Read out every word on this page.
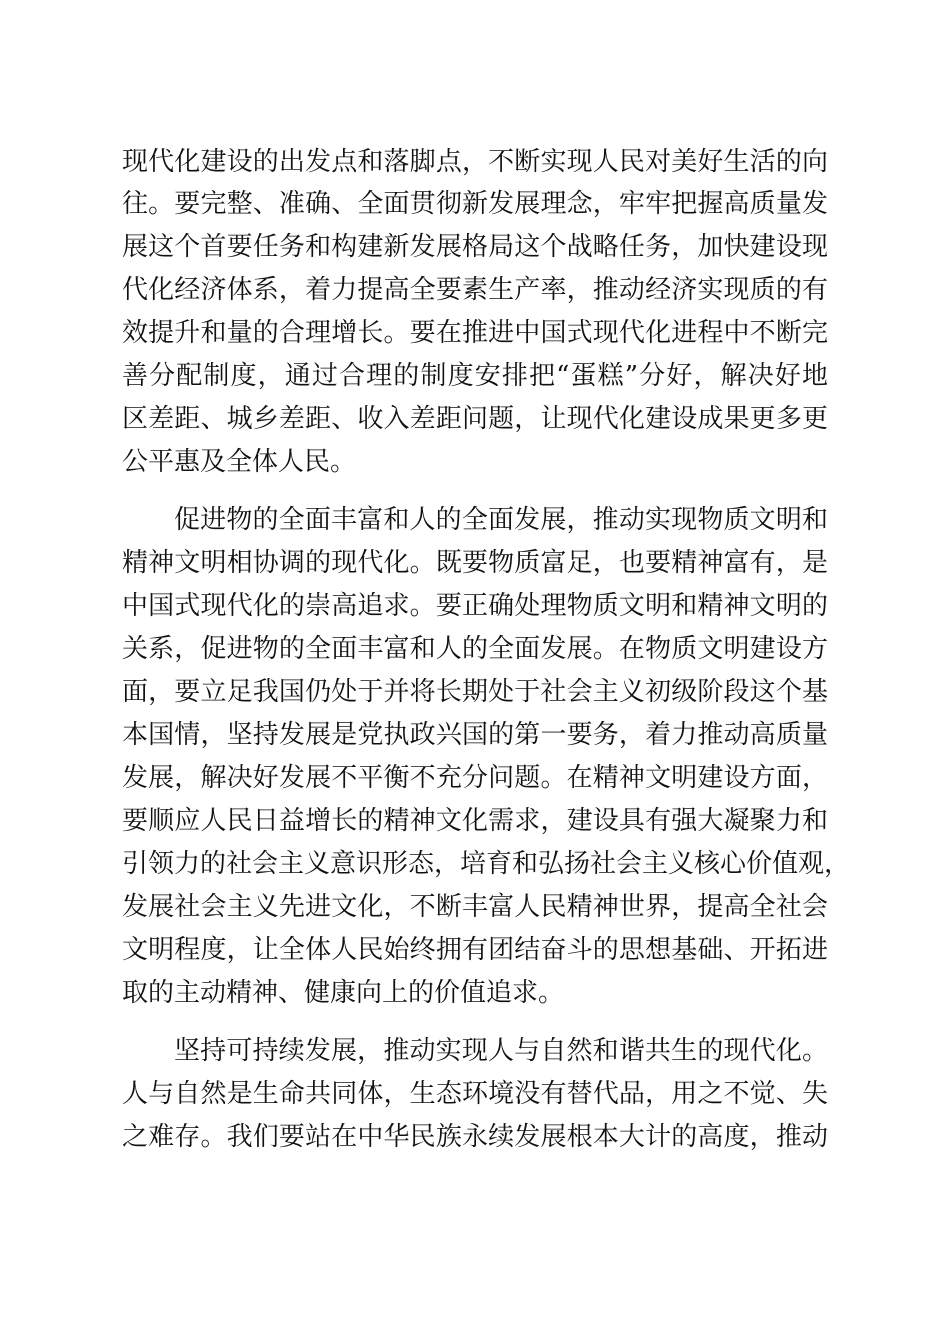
现代化建设的出发点和落脚点，不断实现人民对美好生活的向
往。要完整、准确、全面贯彻新发展理念，牢牢把握高质量发
展这个首要任务和构建新发展格局这个战略任务，加快建设现
代化经济体系，着力提高全要素生产率，推动经济实现质的有
效提升和量的合理增长。要在推进中国式现代化进程中不断完
善分配制度，通过合理的制度安排把“蛋糕”分好，解决好地
区差距、城乡差距、收入差距问题，让现代化建设成果更多更
公平惠及全体人民。
促进物的全面丰富和人的全面发展，推动实现物质文明和
精神文明相协调的现代化。既要物质富足，也要精神富有，是
中国式现代化的崇高追求。要正确处理物质文明和精神文明的
关系，促进物的全面丰富和人的全面发展。在物质文明建设方
面，要立足我国仍处于并将长期处于社会主义初级阶段这个基
本国情，坚持发展是党执政兴国的第一要务，着力推动高质量
发展，解决好发展不平衡不充分问题。在精神文明建设方面，
要顺应人民日益增长的精神文化需求，建设具有强大凝聚力和
引领力的社会主义意识形态，培育和弘扬社会主义核心价值观，
发展社会主义先进文化，不断丰富人民精神世界，提高全社会
文明程度，让全体人民始终拥有团结奋斗的思想基础、开拓进
取的主动精神、健康向上的价值追求。
坚持可持续发展，推动实现人与自然和谐共生的现代化。
人与自然是生命共同体，生态环境没有替代品，用之不觉、失
之难存。我们要站在中华民族永续发展根本大计的高度，推动
